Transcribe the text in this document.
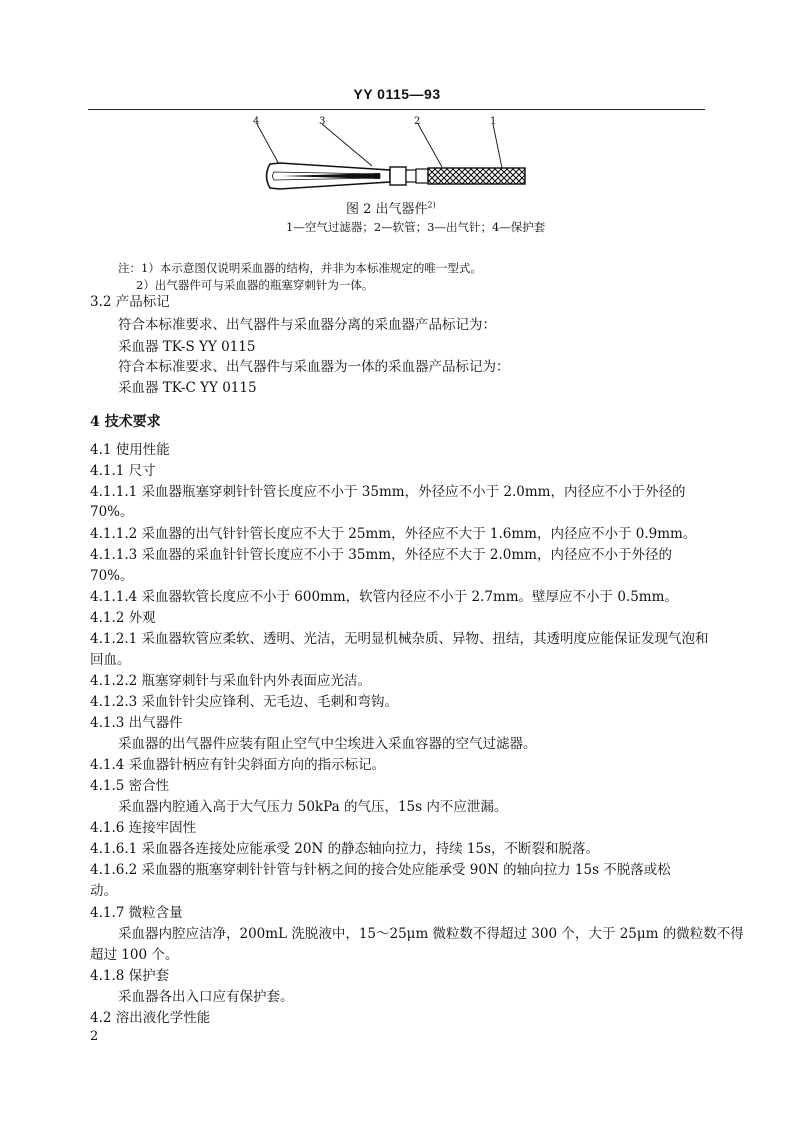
YY 0115—93
4	3	2	1
图 2 出气器件$^{2)}$
1—空气过滤器；2—软管；3—出气针；4—保护套
注：1）本示意图仅说明采血器的结构，并非为本标准规定的唯一型式。
2）出气器件可与采血器的瓶塞穿刺针为一体。
3.2 产品标记
符合本标准要求、出气器件与采血器分离的采血器产品标记为：
采血器 TK-S YY 0115
符合本标准要求、出气器件与采血器为一体的采血器产品标记为：
采血器 TK-C YY 0115
4 技术要求
4.1 使用性能
4.1.1 尺寸
4.1.1.1 采血器瓶塞穿刺针针管长度应不小于 35mm，外径应不小于 2.0mm，内径应不小于外径的
70%。
4.1.1.2 采血器的出气针针管长度应不大于 25mm，外径应不大于 1.6mm，内径应不小于 0.9mm。
4.1.1.3 采血器的采血针针管长度应不小于 35mm，外径应不大于 2.0mm，内径应不小于外径的
70%。
4.1.1.4 采血器软管长度应不小于 600mm，软管内径应不小于 2.7mm。壁厚应不小于 0.5mm。
4.1.2 外观
4.1.2.1 采血器软管应柔软、透明、光洁，无明显机械杂质、异物、扭结，其透明度应能保证发现气泡和
回血。
4.1.2.2 瓶塞穿刺针与采血针内外表面应光洁。
4.1.2.3 采血针针尖应锋利、无毛边、毛刺和弯钩。
4.1.3 出气器件
采血器的出气器件应装有阻止空气中尘埃进入采血容器的空气过滤器。
4.1.4 采血器针柄应有针尖斜面方向的指示标记。
4.1.5 密合性
采血器内腔通入高于大气压力 50kPa 的气压，15s 内不应泄漏。
4.1.6 连接牢固性
4.1.6.1 采血器各连接处应能承受 20N 的静态轴向拉力，持续 15s，不断裂和脱落。
4.1.6.2 采血器的瓶塞穿刺针针管与针柄之间的接合处应能承受 90N 的轴向拉力 15s 不脱落或松
动。
4.1.7 微粒含量
采血器内腔应洁净，200mL 洗脱液中，15～25μm 微粒数不得超过 300 个，大于 25μm 的微粒数不得
超过 100 个。
4.1.8 保护套
采血器各出入口应有保护套。
4.2 溶出液化学性能
2
